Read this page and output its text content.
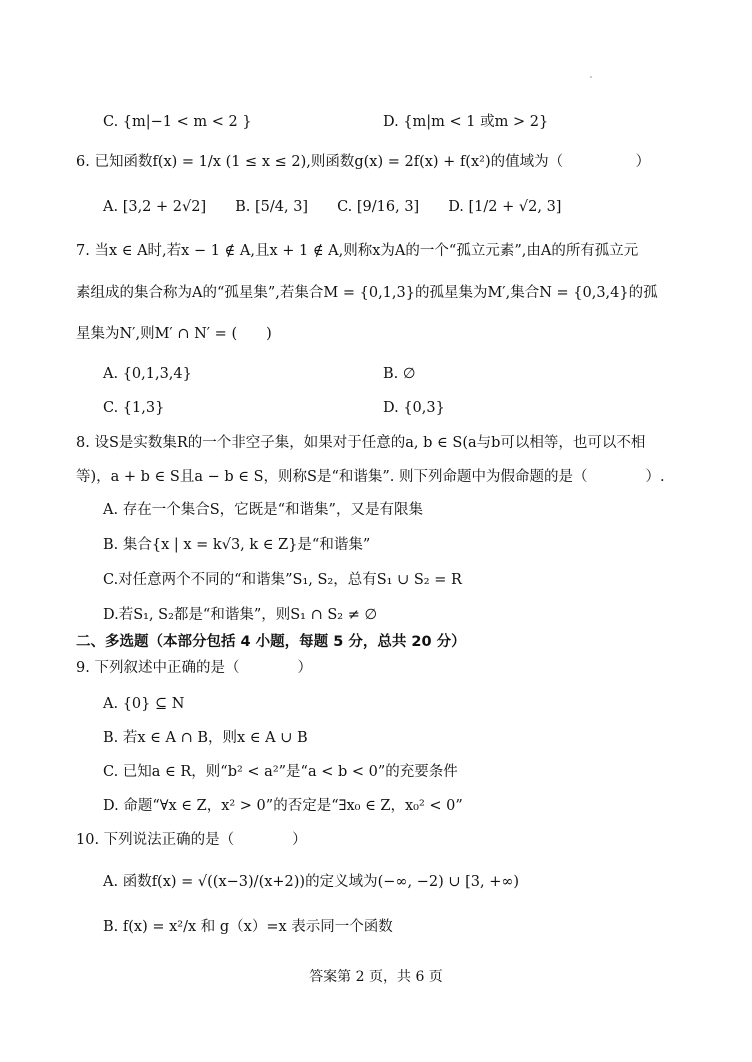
C. {m|−1 < m < 2 }	D. {m|m < 1 或m > 2}
6. 已知函数f(x) = 1/x (1 ≤ x ≤ 2),则函数g(x) = 2f(x) + f(x²)的值域为（　　　　　）
A. [3,2 + 2√2]　　B. [5/4, 3]　　C. [9/16, 3]　　D. [1/2 + √2, 3]
7. 当x ∈ A时,若x − 1 ∉ A,且x + 1 ∉ A,则称x为A的一个“孤立元素”,由A的所有孤立元
素组成的集合称为A的“孤星集”,若集合M = {0,1,3}的孤星集为M′,集合N = {0,3,4}的孤
星集为N′,则M′ ∩ N′ = (　　)
A. {0,1,3,4}	B. ∅
C. {1,3}	D. {0,3}
8. 设S是实数集R的一个非空子集，如果对于任意的a, b ∈ S(a与b可以相等，也可以不相
等)，a + b ∈ S且a − b ∈ S，则称S是“和谐集”. 则下列命题中为假命题的是（　　　　）.
A. 存在一个集合S，它既是“和谐集”，又是有限集
B. 集合{x | x = k√3, k ∈ Z}是“和谐集”
C.对任意两个不同的“和谐集”S₁, S₂，总有S₁ ∪ S₂ = R
D.若S₁, S₂都是“和谐集”，则S₁ ∩ S₂ ≠ ∅
二、多选题（本部分包括 4 小题，每题 5 分，总共 20 分）
9. 下列叙述中正确的是（　　　　）
A. {0} ⊆ N
B. 若x ∈ A ∩ B，则x ∈ A ∪ B
C. 已知a ∈ R，则“b² < a²”是“a < b < 0”的充要条件
D. 命题“∀x ∈ Z，x² > 0”的否定是“∃x₀ ∈ Z，x₀² < 0”
10. 下列说法正确的是（　　　　）
A. 函数f(x) = √((x−3)/(x+2))的定义域为(−∞, −2) ∪ [3, +∞)
B. f(x) = x²/x 和 g（x）=x 表示同一个函数
答案第 2 页，共 6 页
